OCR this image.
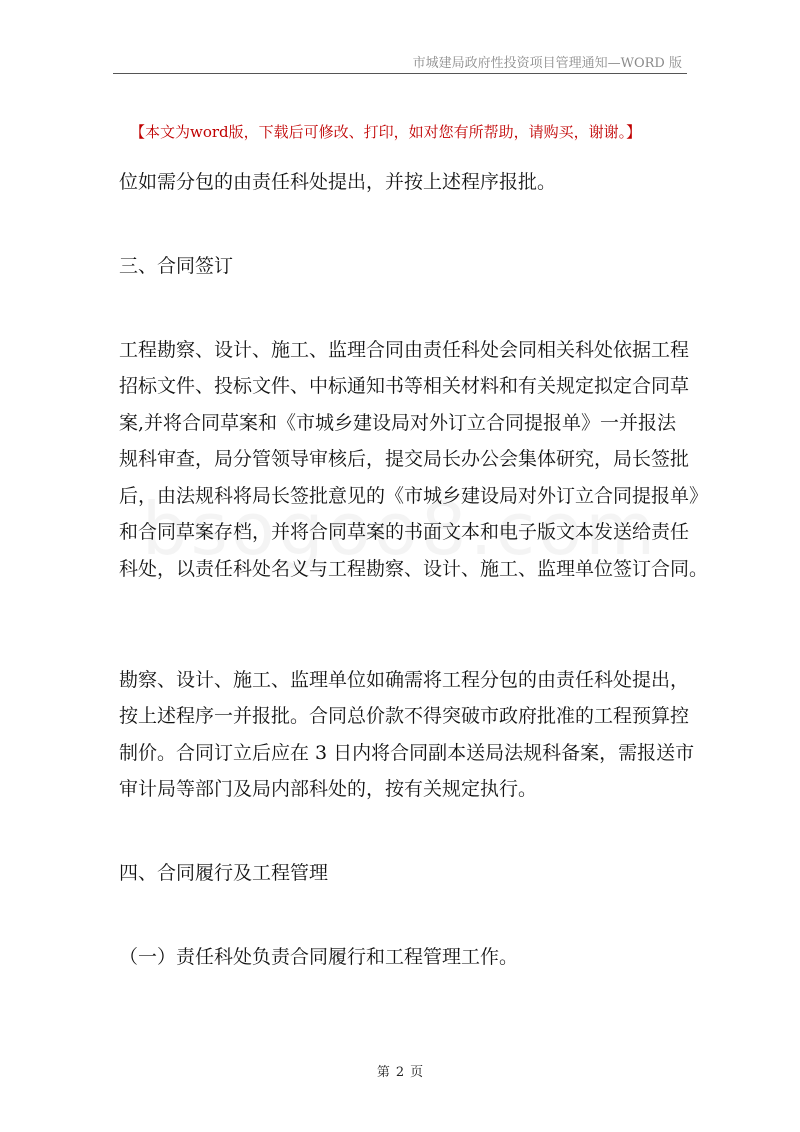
市城建局政府性投资项目管理通知—WORD 版
【本文为word版，下载后可修改、打印，如对您有所帮助，请购买，谢谢。】
位如需分包的由责任科处提出，并按上述程序报批。
三、合同签订
工程勘察、设计、施工、监理合同由责任科处会同相关科处依据工程
招标文件、投标文件、中标通知书等相关材料和有关规定拟定合同草
案,并将合同草案和《市城乡建设局对外订立合同提报单》一并报法
规科审查，局分管领导审核后，提交局长办公会集体研究，局长签批
后，由法规科将局长签批意见的《市城乡建设局对外订立合同提报单》
和合同草案存档，并将合同草案的书面文本和电子版文本发送给责任
科处，以责任科处名义与工程勘察、设计、施工、监理单位签订合同。
勘察、设计、施工、监理单位如确需将工程分包的由责任科处提出，
按上述程序一并报批。合同总价款不得突破市政府批准的工程预算控
制价。合同订立后应在 3 日内将合同副本送局法规科备案，需报送市
审计局等部门及局内部科处的，按有关规定执行。
四、合同履行及工程管理
（一）责任科处负责合同履行和工程管理工作。
第 2 页
